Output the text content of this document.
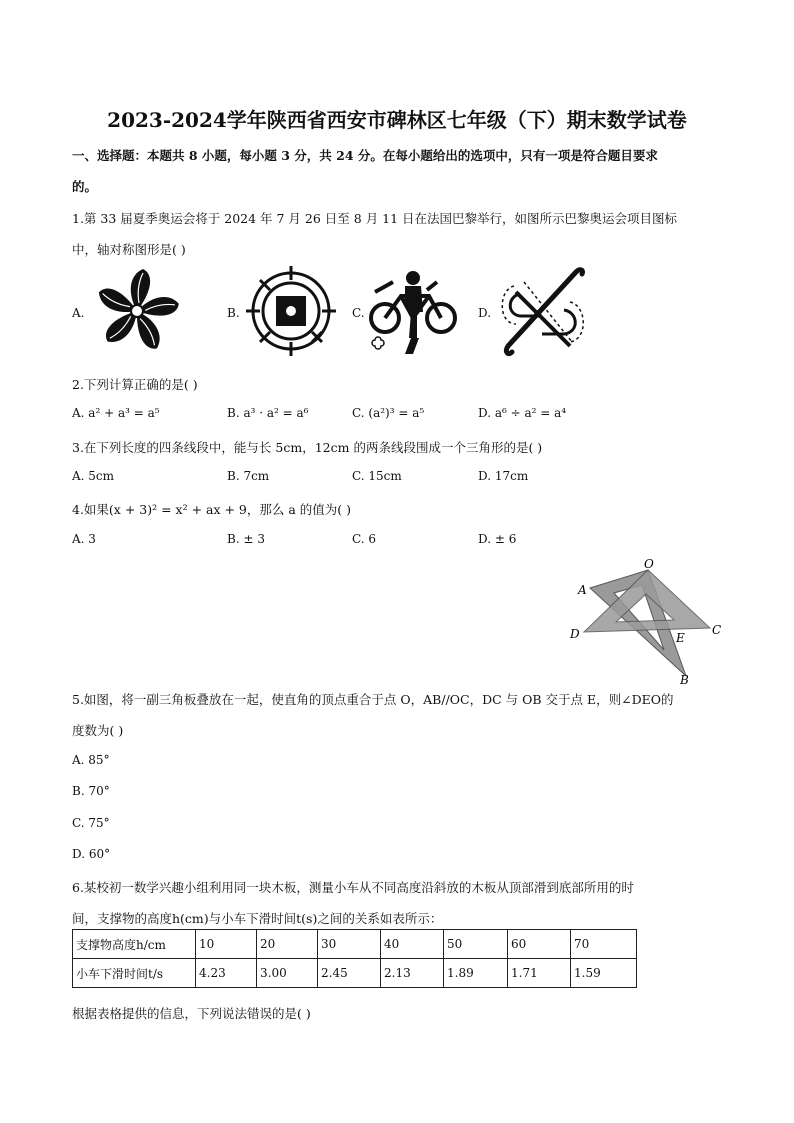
2023-2024学年陕西省西安市碑林区七年级（下）期末数学试卷
一、选择题：本题共 8 小题，每小题 3 分，共 24 分。在每小题给出的选项中，只有一项是符合题目要求
的。
1.第 33 届夏季奥运会将于 2024 年 7 月 26 日至 8 月 11 日在法国巴黎举行，如图所示巴黎奥运会项目图标
中，轴对称图形是( )
A.	B.	C.	D.
2.下列计算正确的是( )
A. a² + a³ = a⁵	B. a³ · a² = a⁶	C. (a²)³ = a⁵	D. a⁶ ÷ a² = a⁴
3.在下列长度的四条线段中，能与长 5cm，12cm 的两条线段围成一个三角形的是( )
A. 5cm	B. 7cm	C. 15cm	D. 17cm
4.如果(x + 3)² = x² + ax + 9，那么 a 的值为( )
A. 3	B. ± 3	C. 6	D. ± 6
O
A
D	E
C
B
5.如图，将一副三角板叠放在一起，使直角的顶点重合于点 O，AB//OC，DC 与 OB 交于点 E，则∠DEO的
度数为( )
A. 85°
B. 70°
C. 75°
D. 60°
6.某校初一数学兴趣小组利用同一块木板，测量小车从不同高度沿斜放的木板从顶部滑到底部所用的时
间，支撑物的高度h(cm)与小车下滑时间t(s)之间的关系如表所示：
支撑物高度h/cm	10	20	30	40	50	60	70
小车下滑时间t/s	4.23	3.00	2.45	2.13	1.89	1.71	1.59
根据表格提供的信息，下列说法错误的是( )
